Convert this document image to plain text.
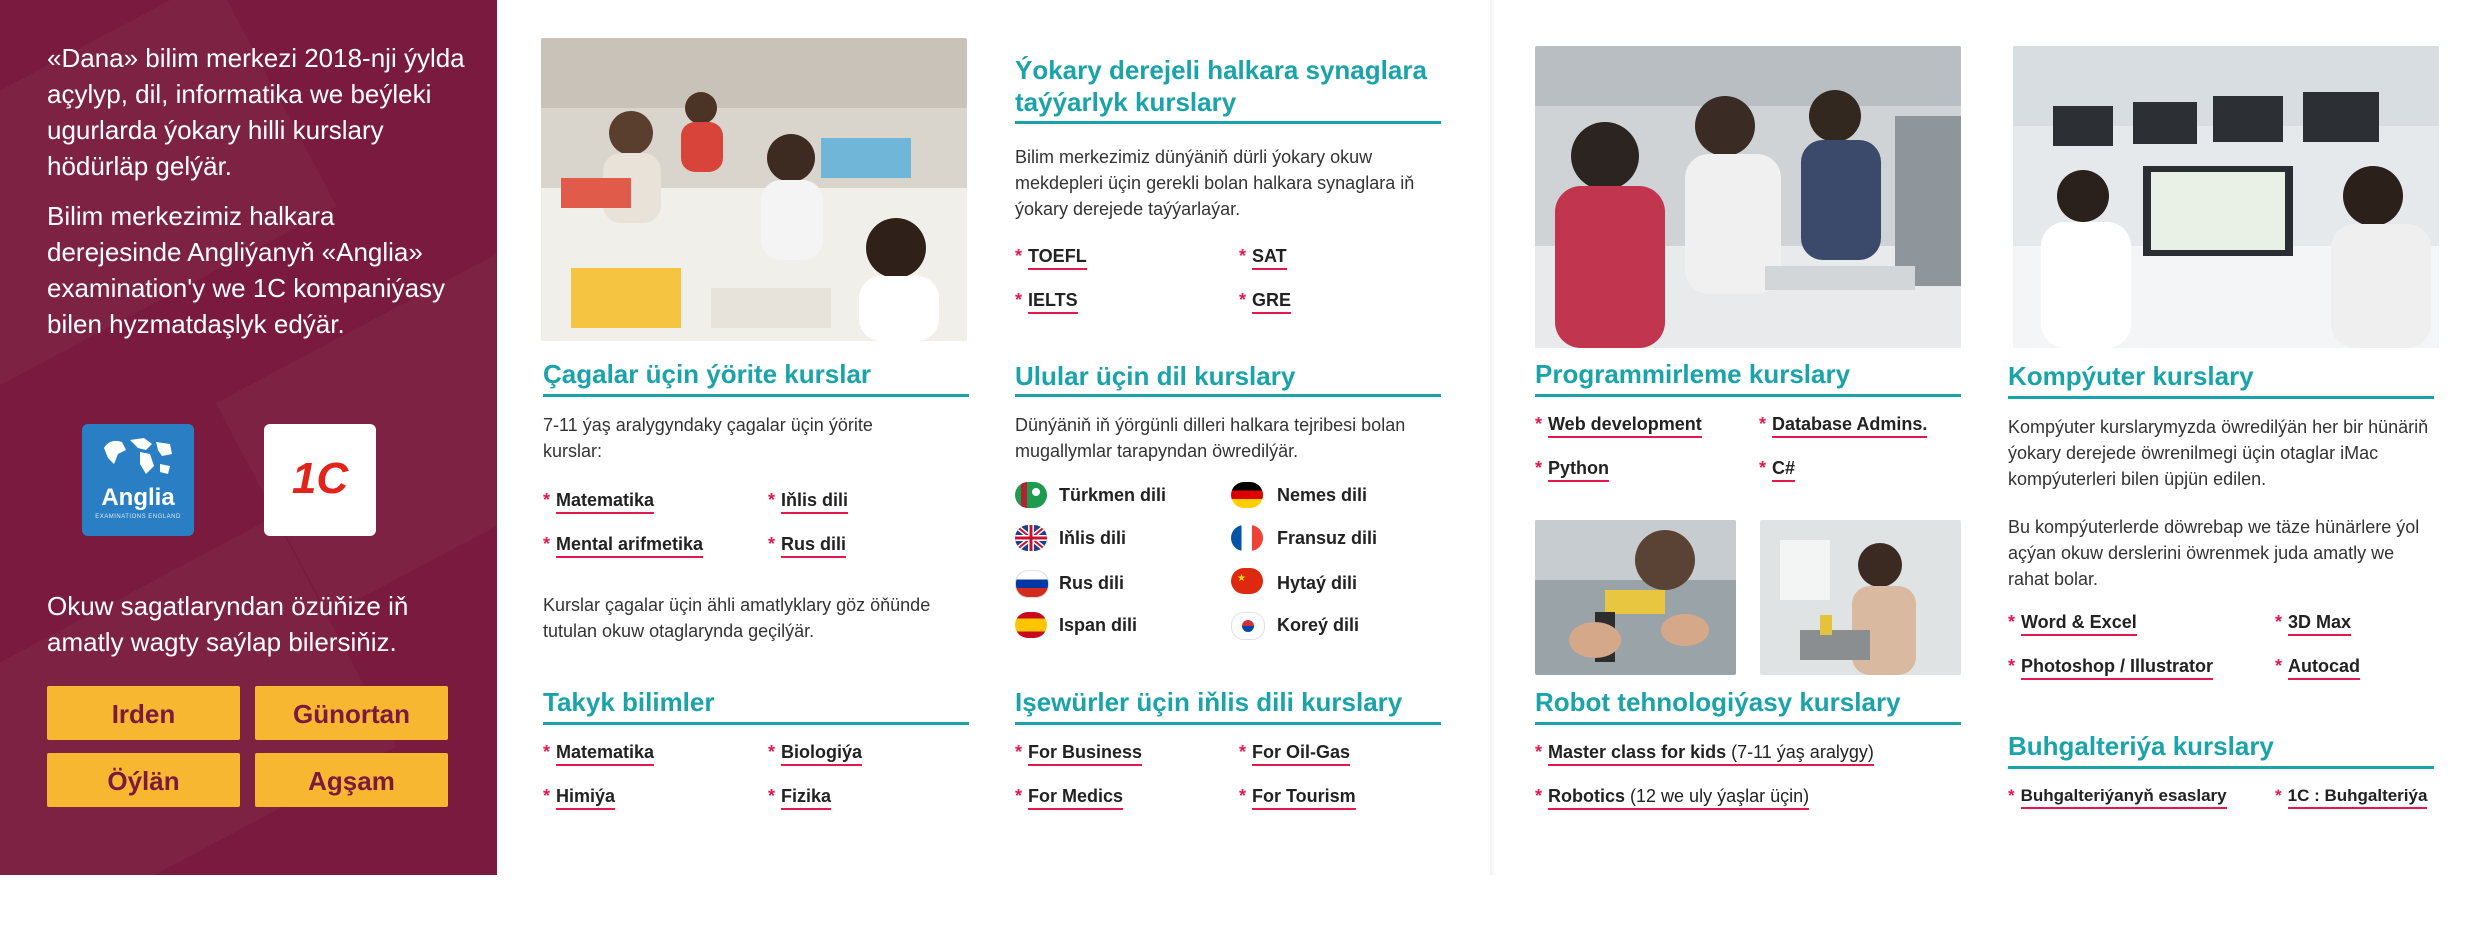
«Dana» bilim merkezi 2018-nji ýylda açylyp, dil, informatika we beýleki ugurlarda ýokary hilli kurslary hödürläp gelýär.

Bilim merkezimiz halkara derejesinde Angliýanyň «Anglia» examination'y we 1C kompaniýasy bilen hyzmatdaşlyk edýär.

Anglia
EXAMINATIONS ENGLAND
1C

Okuw sagatlaryndan özüňize iň amatly wagty saýlap bilersiňiz.

Irden	Günortan
Öýlän	Agşam
Çagalar üçin ýörite kurslar

7-11 ýaş aralygyndaky çagalar üçin ýörite kurslar:

* Matematika	* Iňlis dili
* Mental arifmetika	* Rus dili

Kurslar çagalar üçin ähli amatlyklary göz öňünde tutulan okuw otaglarynda geçilýär.

Takyk bilimler
* Matematika	* Biologiýa
* Himiýa	* Fizika
Ýokary derejeli halkara synaglara taýýarlyk kurslary

Bilim merkezimiz dünýäniň dürli ýokary okuw mekdepleri üçin gerekli bolan halkara synaglara iň ýokary derejede taýýarlaýar.

* TOEFL	* SAT
* IELTS	* GRE
Ulular üçin dil kurslary

Dünýäniň iň ýörgünli dilleri halkara tejribesi bolan mugallymlar tarapyndan öwredilýär.

Türkmen dili	Nemes dili
Iňlis dili	Fransuz dili
Rus dili	★ Hytaý dili
Ispan dili	Koreý dili
Işewürler üçin iňlis dili kurslary
* For Business	* For Oil-Gas
* For Medics	* For Tourism
Programmirleme kurslary
* Web development	* Database Admins.
* Python	* C#
Robot tehnologiýasy kurslary
* Master class for kids (7-11 ýaş aralygy)
* Robotics (12 we uly ýaşlar üçin)
Kompýuter kurslary

Kompýuter kurslarymyzda öwredilýän her bir hünäriň ýokary derejede öwrenilmegi üçin otaglar iMac kompýuterleri bilen üpjün edilen.

Bu kompýuterlerde döwrebap we täze hünärlere ýol açýan okuw derslerini öwrenmek juda amatly we rahat bolar.

* Word & Excel	* 3D Max
* Photoshop / Illustrator	* Autocad
Buhgalteriýa kurslary
* Buhgalteriýanyň esaslary	* 1C : Buhgalteriýa
